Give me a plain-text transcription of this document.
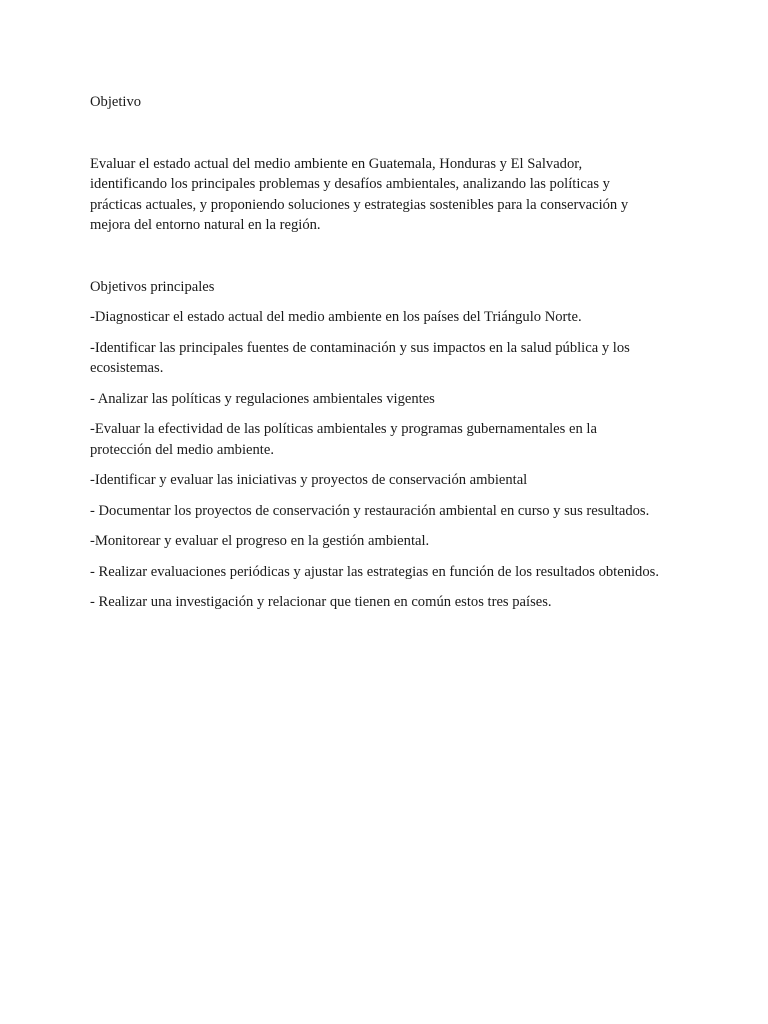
Objetivo

Evaluar el estado actual del medio ambiente en Guatemala, Honduras y El Salvador,
identificando los principales problemas y desafíos ambientales, analizando las políticas y
prácticas actuales, y proponiendo soluciones y estrategias sostenibles para la conservación y
mejora del entorno natural en la región.

Objetivos principales
-Diagnosticar el estado actual del medio ambiente en los países del Triángulo Norte.
-Identificar las principales fuentes de contaminación y sus impactos en la salud pública y los
ecosistemas.
- Analizar las políticas y regulaciones ambientales vigentes
-Evaluar la efectividad de las políticas ambientales y programas gubernamentales en la
protección del medio ambiente.
-Identificar y evaluar las iniciativas y proyectos de conservación ambiental
- Documentar los proyectos de conservación y restauración ambiental en curso y sus resultados.
-Monitorear y evaluar el progreso en la gestión ambiental.
- Realizar evaluaciones periódicas y ajustar las estrategias en función de los resultados obtenidos.
- Realizar una investigación y relacionar que tienen en común estos tres países.
